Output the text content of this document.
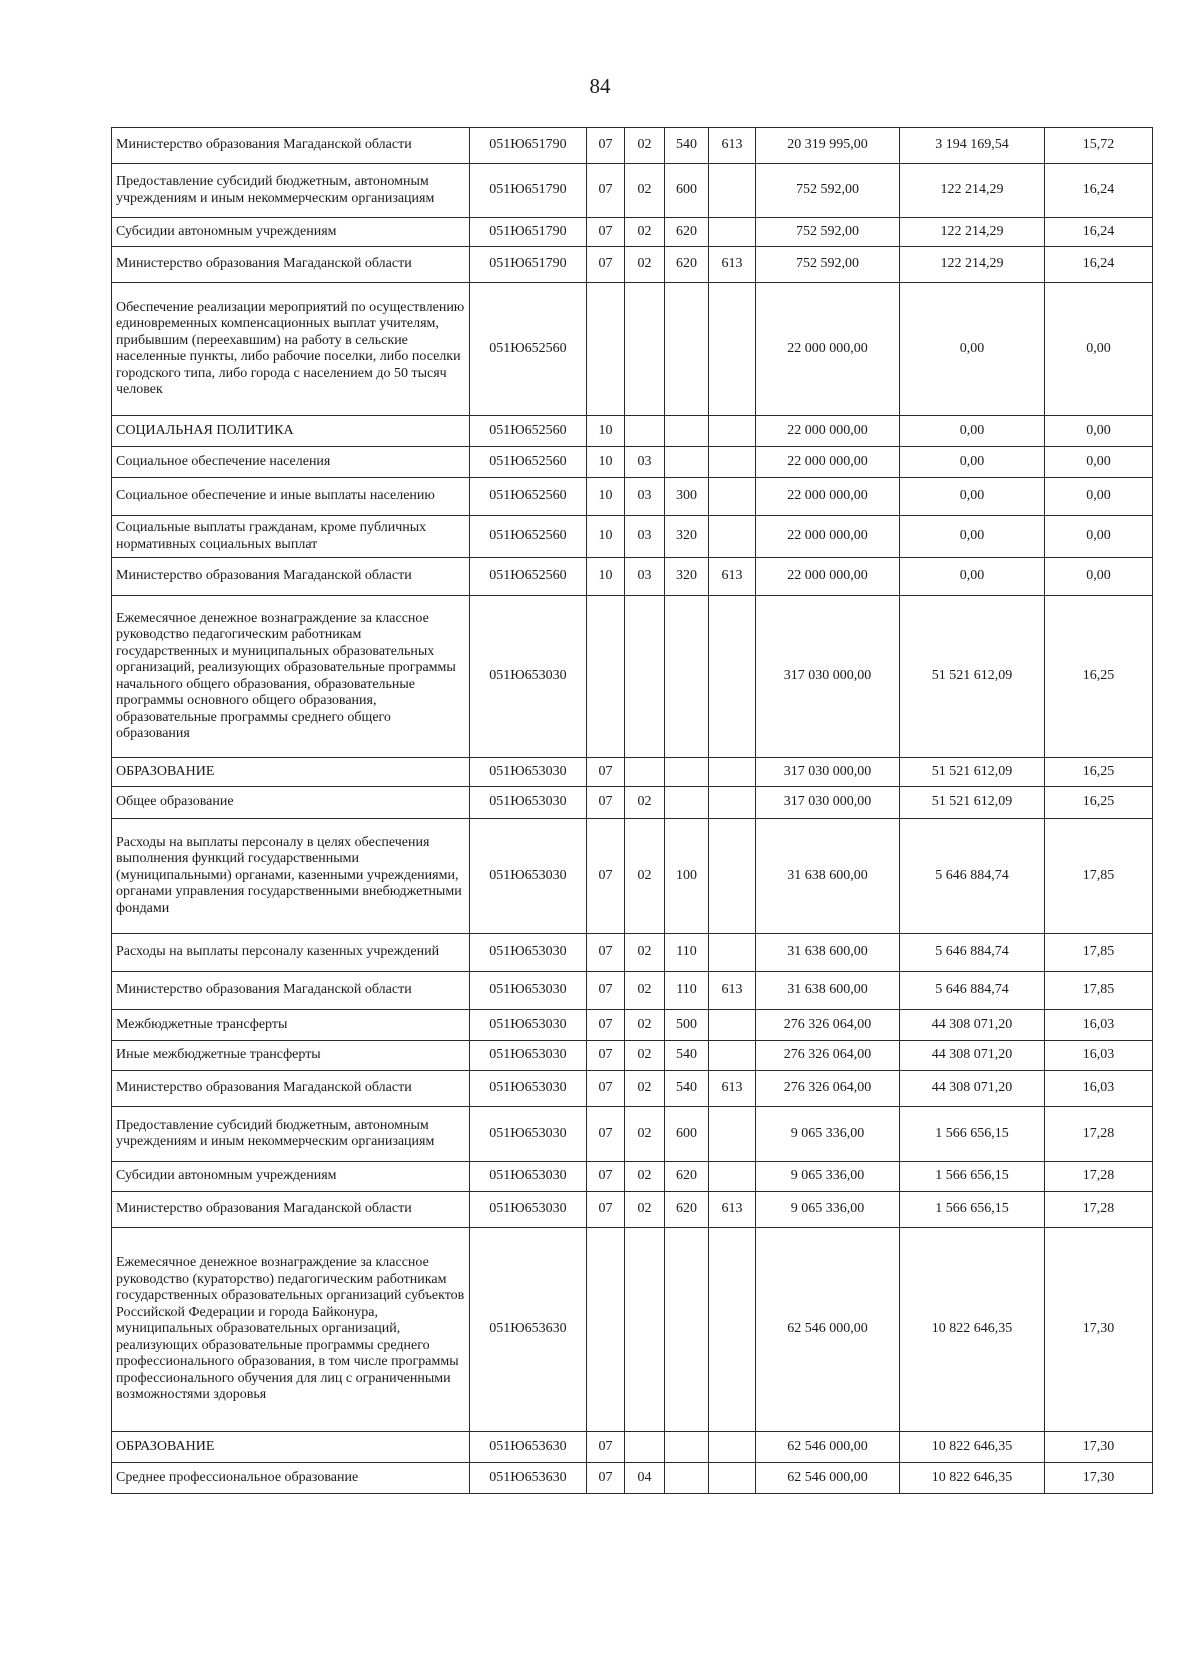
84
Министерство образования Магаданской области	051Ю651790	07	02	540	613	20 319 995,00	3 194 169,54	15,72
Предоставление субсидий бюджетным, автономным учреждениям и иным некоммерческим организациям	051Ю651790	07	02	600		752 592,00	122 214,29	16,24
Субсидии автономным учреждениям	051Ю651790	07	02	620		752 592,00	122 214,29	16,24
Министерство образования Магаданской области	051Ю651790	07	02	620	613	752 592,00	122 214,29	16,24
Обеспечение реализации мероприятий по осуществлению единовременных компенсационных выплат учителям, прибывшим (переехавшим) на работу в сельские населенные пункты, либо рабочие поселки, либо поселки городского типа, либо города с населением до 50 тысяч человек	051Ю652560					22 000 000,00	0,00	0,00
СОЦИАЛЬНАЯ ПОЛИТИКА	051Ю652560	10				22 000 000,00	0,00	0,00
Социальное обеспечение населения	051Ю652560	10	03			22 000 000,00	0,00	0,00
Социальное обеспечение и иные выплаты населению	051Ю652560	10	03	300		22 000 000,00	0,00	0,00
Социальные выплаты гражданам, кроме публичных нормативных социальных выплат	051Ю652560	10	03	320		22 000 000,00	0,00	0,00
Министерство образования Магаданской области	051Ю652560	10	03	320	613	22 000 000,00	0,00	0,00
Ежемесячное денежное вознаграждение за классное руководство педагогическим работникам государственных и муниципальных образовательных организаций, реализующих образовательные программы начального общего образования, образовательные программы основного общего образования, образовательные программы среднего общего образования	051Ю653030					317 030 000,00	51 521 612,09	16,25
ОБРАЗОВАНИЕ	051Ю653030	07				317 030 000,00	51 521 612,09	16,25
Общее образование	051Ю653030	07	02			317 030 000,00	51 521 612,09	16,25
Расходы на выплаты персоналу в целях обеспечения выполнения функций государственными (муниципальными) органами, казенными учреждениями, органами управления государственными внебюджетными фондами	051Ю653030	07	02	100		31 638 600,00	5 646 884,74	17,85
Расходы на выплаты персоналу казенных учреждений	051Ю653030	07	02	110		31 638 600,00	5 646 884,74	17,85
Министерство образования Магаданской области	051Ю653030	07	02	110	613	31 638 600,00	5 646 884,74	17,85
Межбюджетные трансферты	051Ю653030	07	02	500		276 326 064,00	44 308 071,20	16,03
Иные межбюджетные трансферты	051Ю653030	07	02	540		276 326 064,00	44 308 071,20	16,03
Министерство образования Магаданской области	051Ю653030	07	02	540	613	276 326 064,00	44 308 071,20	16,03
Предоставление субсидий бюджетным, автономным учреждениям и иным некоммерческим организациям	051Ю653030	07	02	600		9 065 336,00	1 566 656,15	17,28
Субсидии автономным учреждениям	051Ю653030	07	02	620		9 065 336,00	1 566 656,15	17,28
Министерство образования Магаданской области	051Ю653030	07	02	620	613	9 065 336,00	1 566 656,15	17,28
Ежемесячное денежное вознаграждение за классное руководство (кураторство) педагогическим работникам государственных образовательных организаций субъектов Российской Федерации и города Байконура, муниципальных образовательных организаций, реализующих образовательные программы среднего профессионального образования, в том числе программы профессионального обучения для лиц с ограниченными возможностями здоровья	051Ю653630					62 546 000,00	10 822 646,35	17,30
ОБРАЗОВАНИЕ	051Ю653630	07				62 546 000,00	10 822 646,35	17,30
Среднее профессиональное образование	051Ю653630	07	04			62 546 000,00	10 822 646,35	17,30
